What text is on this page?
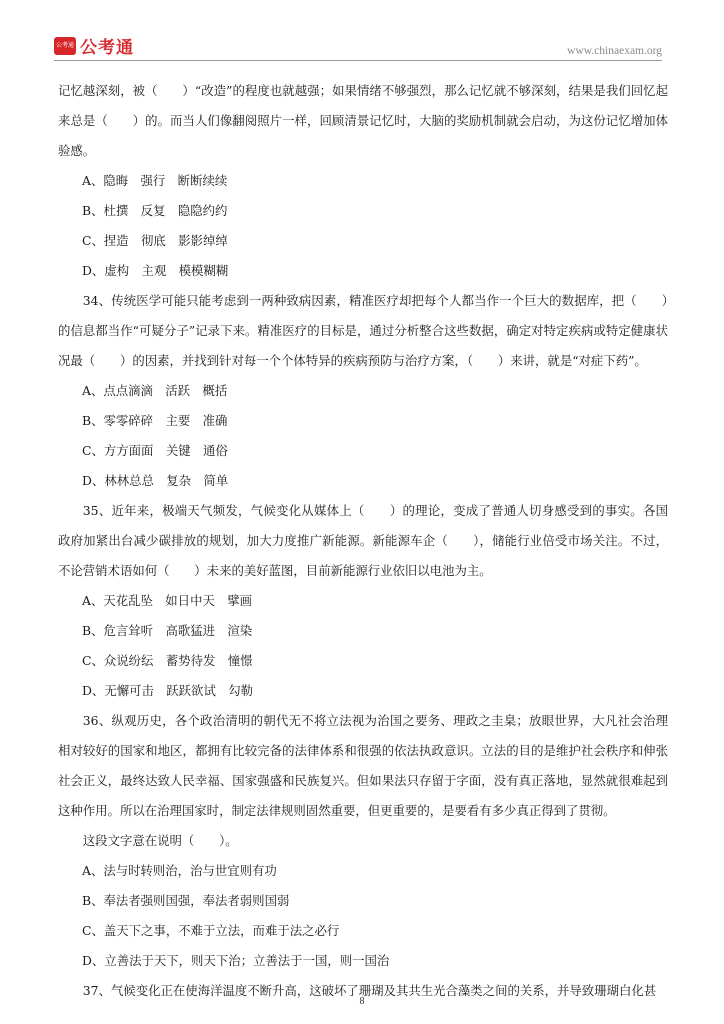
公考通 公考通	www.chinaexam.org

记忆越深刻，被（　　）“改造”的程度也就越强；如果情绪不够强烈，那么记忆就不够深刻，结果是我们回忆起来总是（　　）的。而当人们像翻阅照片一样，回顾清景记忆时，大脑的奖励机制就会启动，为这份记忆增加体验感。

A、隐晦　强行　断断续续

B、杜撰　反复　隐隐约约

C、捏造　彻底　影影绰绰

D、虚构　主观　模模糊糊

34、传统医学可能只能考虑到一两种致病因素，精准医疗却把每个人都当作一个巨大的数据库，把（　　）的信息都当作“可疑分子”记录下来。精准医疗的目标是，通过分析整合这些数据，确定对特定疾病或特定健康状况最（　　）的因素，并找到针对每一个个体特异的疾病预防与治疗方案，（　　）来讲，就是“对症下药”。

A、点点滴滴　活跃　概括

B、零零碎碎　主要　准确

C、方方面面　关键　通俗

D、林林总总　复杂　简单

35、近年来，极端天气频发，气候变化从媒体上（　　）的理论，变成了普通人切身感受到的事实。各国政府加紧出台减少碳排放的规划，加大力度推广新能源。新能源车企（　　），储能行业倍受市场关注。不过，不论营销术语如何（　　）未来的美好蓝图，目前新能源行业依旧以电池为主。

A、天花乱坠　如日中天　擘画

B、危言耸听　高歌猛进　渲染

C、众说纷纭　蓄势待发　憧憬

D、无懈可击　跃跃欲试　勾勒

36、纵观历史，各个政治清明的朝代无不将立法视为治国之要务、理政之圭臬；放眼世界，大凡社会治理相对较好的国家和地区，都拥有比较完备的法律体系和很强的依法执政意识。立法的目的是维护社会秩序和伸张社会正义，最终达致人民幸福、国家强盛和民族复兴。但如果法只存留于字面，没有真正落地，显然就很难起到这种作用。所以在治理国家时，制定法律规则固然重要，但更重要的，是要看有多少真正得到了贯彻。

这段文字意在说明（　　）。

A、法与时转则治，治与世宜则有功

B、奉法者强则国强，奉法者弱则国弱

C、盖天下之事，不难于立法，而难于法之必行

D、立善法于天下，则天下治；立善法于一国，则一国治

37、气候变化正在使海洋温度不断升高，这破坏了珊瑚及其共生光合藻类之间的关系，并导致珊瑚白化甚

8
